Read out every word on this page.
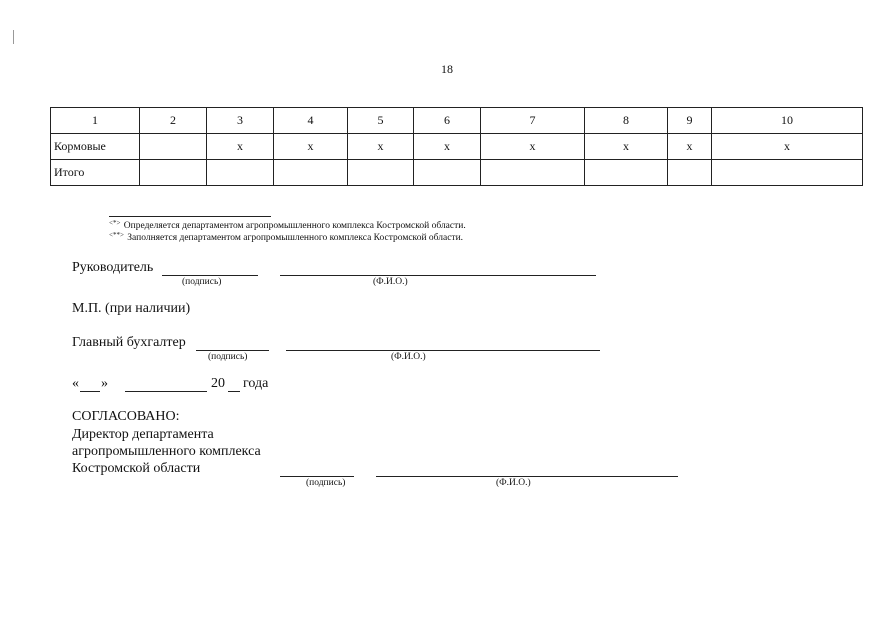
18
1	2	3	4	5	6	7	8	9	10
Кормовые		х	х	х	х	х	х	х	х
Итого									
<*> Определяется департаментом агропромышленного комплекса Костромской области.
<**> Заполняется департаментом агропромышленного комплекса Костромской области.
Руководитель
(подпись)	(Ф.И.О.)
М.П. (при наличии)
Главный бухгалтер
(подпись)	(Ф.И.О.)
« »	20 года
СОГЛАСОВАНО:
Директор департамента
агропромышленного комплекса
Костромской области
(подпись)	(Ф.И.О.)
